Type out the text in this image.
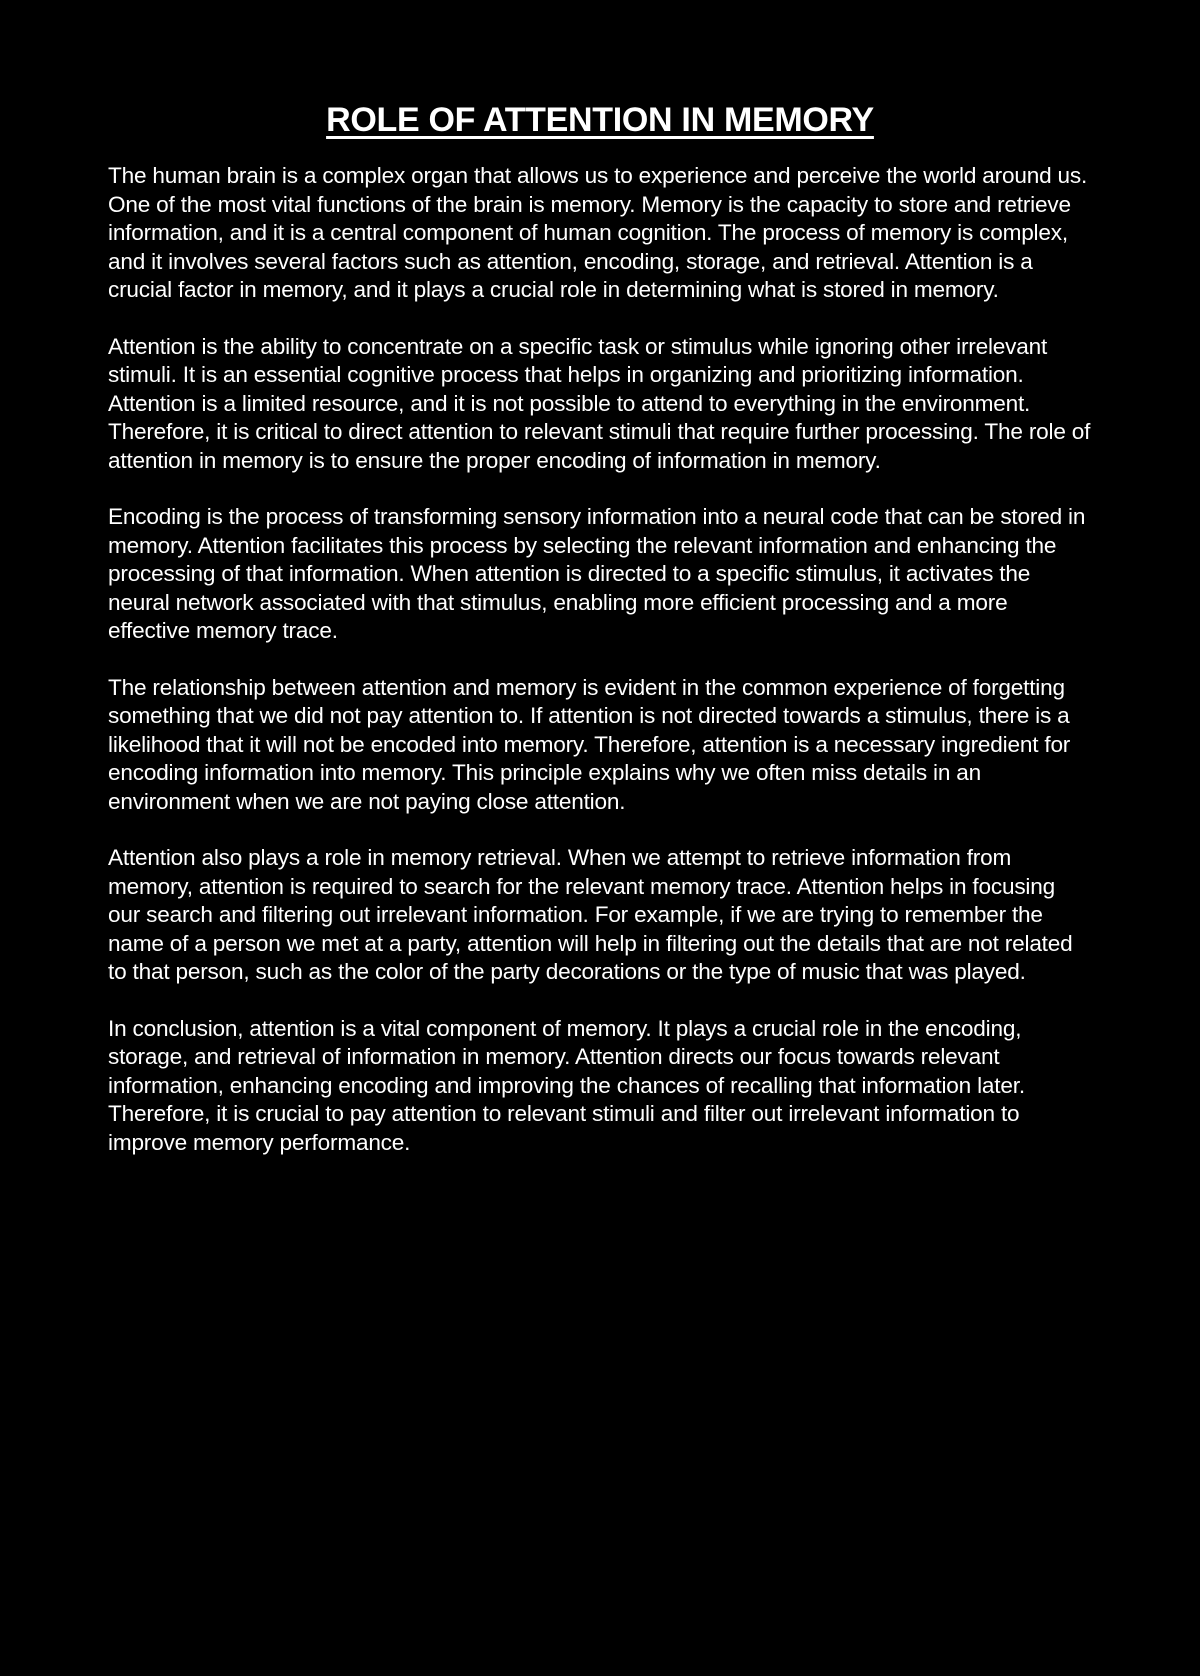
ROLE OF ATTENTION IN MEMORY

The human brain is a complex organ that allows us to experience and perceive the world around us. One of the most vital functions of the brain is memory. Memory is the capacity to store and retrieve information, and it is a central component of human cognition. The process of memory is complex, and it involves several factors such as attention, encoding, storage, and retrieval. Attention is a crucial factor in memory, and it plays a crucial role in determining what is stored in memory.

Attention is the ability to concentrate on a specific task or stimulus while ignoring other irrelevant stimuli. It is an essential cognitive process that helps in organizing and prioritizing information. Attention is a limited resource, and it is not possible to attend to everything in the environment. Therefore, it is critical to direct attention to relevant stimuli that require further processing. The role of attention in memory is to ensure the proper encoding of information in memory.

Encoding is the process of transforming sensory information into a neural code that can be stored in memory. Attention facilitates this process by selecting the relevant information and enhancing the processing of that information. When attention is directed to a specific stimulus, it activates the neural network associated with that stimulus, enabling more efficient processing and a more effective memory trace.

The relationship between attention and memory is evident in the common experience of forgetting something that we did not pay attention to. If attention is not directed towards a stimulus, there is a likelihood that it will not be encoded into memory. Therefore, attention is a necessary ingredient for encoding information into memory. This principle explains why we often miss details in an environment when we are not paying close attention.

Attention also plays a role in memory retrieval. When we attempt to retrieve information from memory, attention is required to search for the relevant memory trace. Attention helps in focusing our search and filtering out irrelevant information. For example, if we are trying to remember the name of a person we met at a party, attention will help in filtering out the details that are not related to that person, such as the color of the party decorations or the type of music that was played.

In conclusion, attention is a vital component of memory. It plays a crucial role in the encoding, storage, and retrieval of information in memory. Attention directs our focus towards relevant information, enhancing encoding and improving the chances of recalling that information later. Therefore, it is crucial to pay attention to relevant stimuli and filter out irrelevant information to improve memory performance.
